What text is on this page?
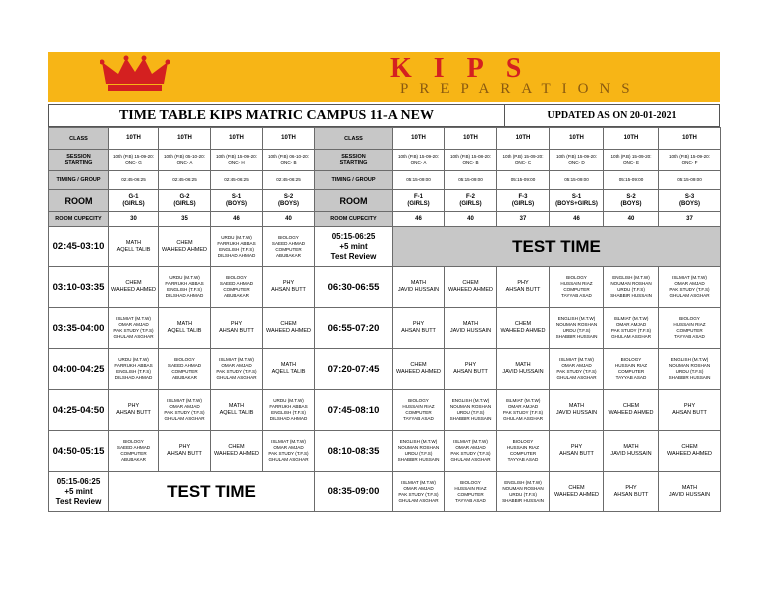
KIPS
PREPARATIONS
TIME TABLE KIPS MATRIC CAMPUS 11-A NEW	UPDATED AS ON 20-01-2021
CLASS	10TH	10TH	10TH	10TH	CLASS	10TH	10TH	10TH	10TH	10TH	10TH

SESSION
STARTING	10th (P.B) 15-09-20:
ONC- G	10th (P.B) 05-10-20:
ONC- A	10th (P.B) 15-09-20:
ONC- H	10th (P.B) 06-10-20:
ONC- B	SESSION
STARTING	10th (P.B) 15-09-20:
ONC- A	10th (P.B) 15-08-20:
ONC- B	10th (P.B) 15-09-20:
ONC- C	10th (P.B) 15-09-20:
ONC- D	10th (P.B) 15-09-20:
ONC- E	10th (P.B) 15-09-20:
ONC- F

TIMING / GROUP	02:45-06:25	02:45-06:25	02:45-06:25	02:45-06:25	TIMING / GROUP	05:15-09:00	05:15-09:00	05:15-09:00	05:15-09:00	05:15-09:00	05:15-09:00
ROOM	G-1
(GIRLS)	G-2
(GIRLS)	S-1
(BOYS)	S-2
(BOYS)	ROOM	F-1
(GIRLS)	F-2
(GIRLS)	F-3
(GIRLS)	S-1
(BOYS+GIRLS)	S-2
(BOYS)	S-3
(BOYS)

ROOM CUPECITY	30	35	46	40	ROOM CUPECITY	46	40	37	46	40	37
02:45-03:10	MATH
AQELL TALIB	CHEM
WAHEED AHMED	URDU (M.T.W)
FARRUKH ABBAS
ENGLISH (T.F.S)
DILSHAD AHMAD	BIOLOGY
SAEED AHMAD
COMPUTER
ABUBAKAR	05:15-06:25
+5 mint
Test Review	TEST TIME					
03:10-03:35	CHEM
WAHEED AHMED	URDU (M.T.W)
FARRUKH ABBAS
ENGLISH (T.F.S)
DILSHAD AHMAD	BIOLOGY
SAEED AHMAD
COMPUTER
ABUBAKAR	PHY
AHSAN BUTT	06:30-06:55	MATH
JAVID HUSSAIN	CHEM
WAHEED AHMED	PHY
AHSAN BUTT	BIOLOGY
HUSSAIN RIAZ
COMPUTER
TAYYAB ASAD	ENGLISH (M.T.W)
NOUMAN ROSHAN
URDU (T.F.S)
SHABBIR HUSSAIN	ISLMIAT (M.T.W)
OMAR AMJAD
PAK STUDY (T.F.S)
GHULAM ASGHAR

03:35-04:00	ISLMIAT (M.T.W)
OMAR AMJAD
PAK STUDY (T.F.S)
GHULAM ASGHAR	MATH
AQELL TALIB	PHY
AHSAN BUTT	CHEM
WAHEED AHMED	06:55-07:20	PHY
AHSAN BUTT	MATH
JAVID HUSSAIN	CHEM
WAHEED AHMED	ENGLISH (M.T.W)
NOUMAN ROSHAN
URDU (T.F.S)
SHABBIR HUSSAIN	ISLMIAT (M.T.W)
OMAR AMJAD
PAK STUDY (T.F.S)
GHULAM ASGHAR	BIOLOGY
HUSSAIN RIAZ
COMPUTER
TAYYAB ASAD

04:00-04:25	URDU (M.T.W)
FARRUKH ABBAS
ENGLISH (T.F.S)
DILSHAD AHMAD	BIOLOGY
SAEED AHMAD
COMPUTER
ABUBAKAR	ISLMIAT (M.T.W)
OMAR AMJAD
PAK STUDY (T.F.S)
GHULAM ASGHAR	MATH
AQELL TALIB	07:20-07:45	CHEM
WAHEED AHMED	PHY
AHSAN BUTT	MATH
JAVID HUSSAIN	ISLMIAT (M.T.W)
OMAR AMJAD
PAK STUDY (T.F.S)
GHULAM ASGHAR	BIOLOGY
HUSSAIN RIAZ
COMPUTER
TAYYAB ASAD	ENGLISH (M.T.W)
NOUMAN ROSHAN
URDU (T.F.S)
SHABBIR HUSSAIN

04:25-04:50	PHY
AHSAN BUTT	ISLMIAT (M.T.W)
OMAR AMJAD
PAK STUDY (T.F.S)
GHULAM ASGHAR	MATH
AQELL TALIB	URDU (M.T.W)
FARRUKH ABBAS
ENGLISH (T.F.S)
DILSHAD AHMAD	07:45-08:10	BIOLOGY
HUSSAIN RIAZ
COMPUTER
TAYYAB ASAD	ENGLISH (M.T.W)
NOUMAN ROSHAN
URDU (T.F.S)
SHABBIR HUSSAIN	ISLMIAT (M.T.W)
OMAR AMJAD
PAK STUDY (T.F.S)
GHULAM ASGHAR	MATH
JAVID HUSSAIN	CHEM
WAHEED AHMED	PHY
AHSAN BUTT

04:50-05:15	BIOLOGY
SAEED AHMAD
COMPUTER
ABUBAKAR	PHY
AHSAN BUTT	CHEM
WAHEED AHMED	ISLMIAT (M.T.W)
OMAR AMJAD
PAK STUDY (T.F.S)
GHULAM ASGHAR	08:10-08:35	ENGLISH (M.T.W)
NOUMAN ROSHAN
URDU (T.F.S)
SHABBIR HUSSAIN	ISLMIAT (M.T.W)
OMAR AMJAD
PAK STUDY (T.F.S)
GHULAM ASGHAR	BIOLOGY
HUSSAIN RIAZ
COMPUTER
TAYYAB ASAD	PHY
AHSAN BUTT	MATH
JAVID HUSSAIN	CHEM
WAHEED AHMED

05:15-06:25
+5 mint
Test Review	TEST TIME				08:35-09:00	ISLMIAT (M.T.W)
OMAR AMJAD
PAK STUDY (T.F.S)
GHULAM ASGHAR	BIOLOGY
HUSSAIN RIAZ
COMPUTER
TAYYAB ASAD	ENGLISH (M.T.W)
NOUMAN ROSHAN
URDU (T.F.S)
SHABBIR HUSSAIN	CHEM
WAHEED AHMED	PHY
AHSAN BUTT	MATH
JAVID HUSSAIN
